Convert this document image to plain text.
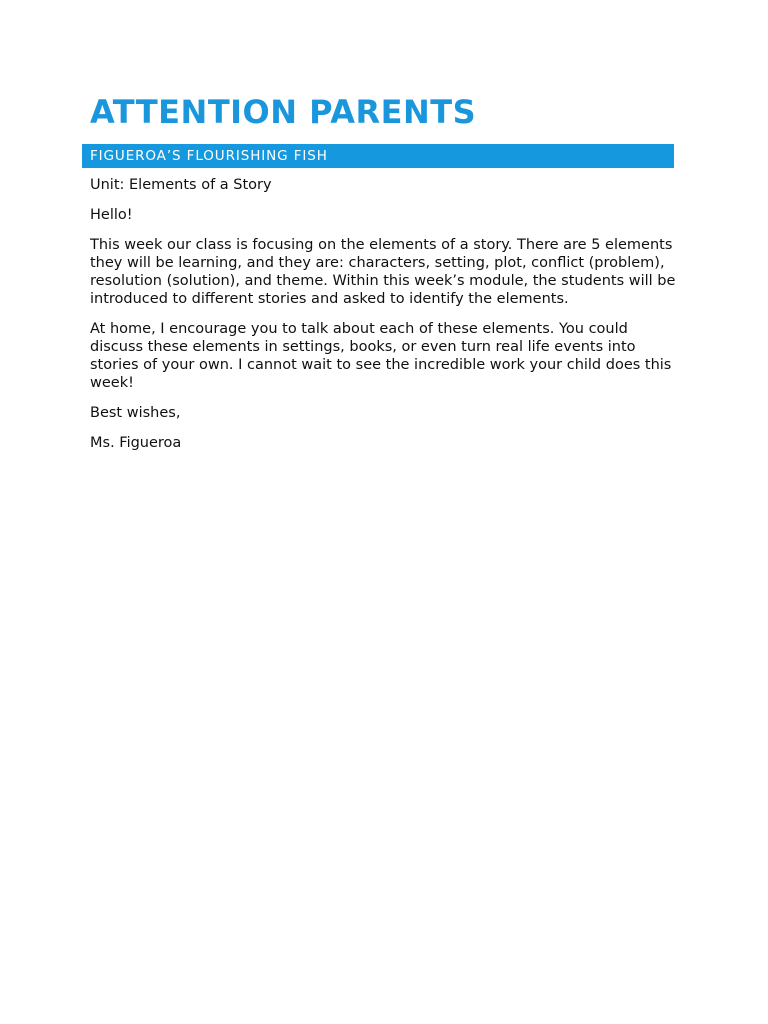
ATTENTION PARENTS
FIGUEROA’S FLOURISHING FISH

Unit: Elements of a Story

Hello!

This week our class is focusing on the elements of a story. There are 5 elements they will be learning, and they are: characters, setting, plot, conflict (problem), resolution (solution), and theme. Within this week’s module, the students will be introduced to different stories and asked to identify the elements.

At home, I encourage you to talk about each of these elements. You could discuss these elements in settings, books, or even turn real life events into stories of your own. I cannot wait to see the incredible work your child does this week!

Best wishes,

Ms. Figueroa
